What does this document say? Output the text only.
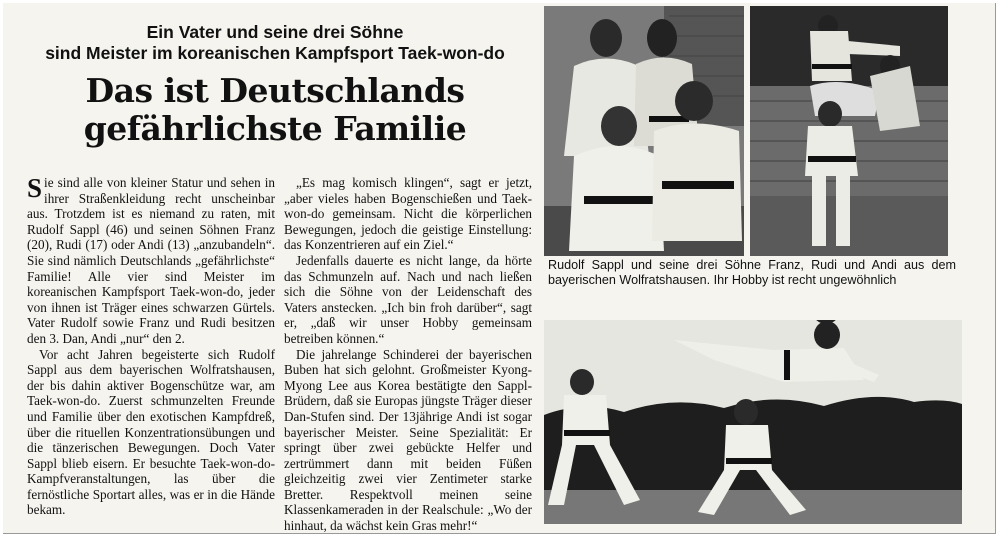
Ein Vater und seine drei Söhne
sind Meister im koreanischen Kampfsport Taek-won-do
Das ist Deutschlands
gefährlichste Familie

Sie sind alle von kleiner Statur und sehen in ihrer Straßenkleidung recht unscheinbar aus. Trotzdem ist es niemand zu raten, mit Rudolf Sappl (46) und seinen Söhnen Franz (20), Rudi (17) oder Andi (13) „anzubandeln“. Sie sind nämlich Deutschlands „gefährlichste“ Familie! Alle vier sind Meister im koreanischen Kampfsport Taek-won-do, jeder von ihnen ist Träger eines schwarzen Gürtels. Vater Rudolf sowie Franz und Rudi besitzen den 3. Dan, Andi „nur“ den 2.

Vor acht Jahren begeisterte sich Rudolf Sappl aus dem bayerischen Wolfratshausen, der bis dahin aktiver Bogenschütze war, am Taek-won-do. Zuerst schmunzelten Freunde und Familie über den exotischen Kampfdreß, über die rituellen Konzentrationsübungen und die tänzerischen Bewegungen. Doch Vater Sappl blieb eisern. Er besuchte Taek-won-do-Kampfveranstaltungen, las über die fernöstliche Sportart alles, was er in die Hände bekam.

„Es mag komisch klingen“, sagt er jetzt, „aber vieles haben Bogenschießen und Taek-won-do gemeinsam. Nicht die körperlichen Bewegungen, jedoch die geistige Einstellung: das Konzentrieren auf ein Ziel.“

Jedenfalls dauerte es nicht lange, da hörte das Schmunzeln auf. Nach und nach ließen sich die Söhne von der Leidenschaft des Vaters anstecken. „Ich bin froh darüber“, sagt er, „daß wir unser Hobby gemeinsam betreiben können.“

Die jahrelange Schinderei der bayerischen Buben hat sich gelohnt. Großmeister Kyong-Myong Lee aus Korea bestätigte den Sappl-Brüdern, daß sie Europas jüngste Träger dieser Dan-Stufen sind. Der 13jährige Andi ist sogar bayerischer Meister. Seine Spezialität: Er springt über zwei gebückte Helfer und zertrümmert dann mit beiden Füßen gleichzeitig zwei vier Zentimeter starke Bretter. Respektvoll meinen seine Klassenkameraden in der Realschule: „Wo der hinhaut, da wächst kein Gras mehr!“

Rudolf Sappl und seine drei Söhne Franz, Rudi und Andi aus dem bayerischen Wolfratshausen. Ihr Hobby ist recht ungewöhnlich
